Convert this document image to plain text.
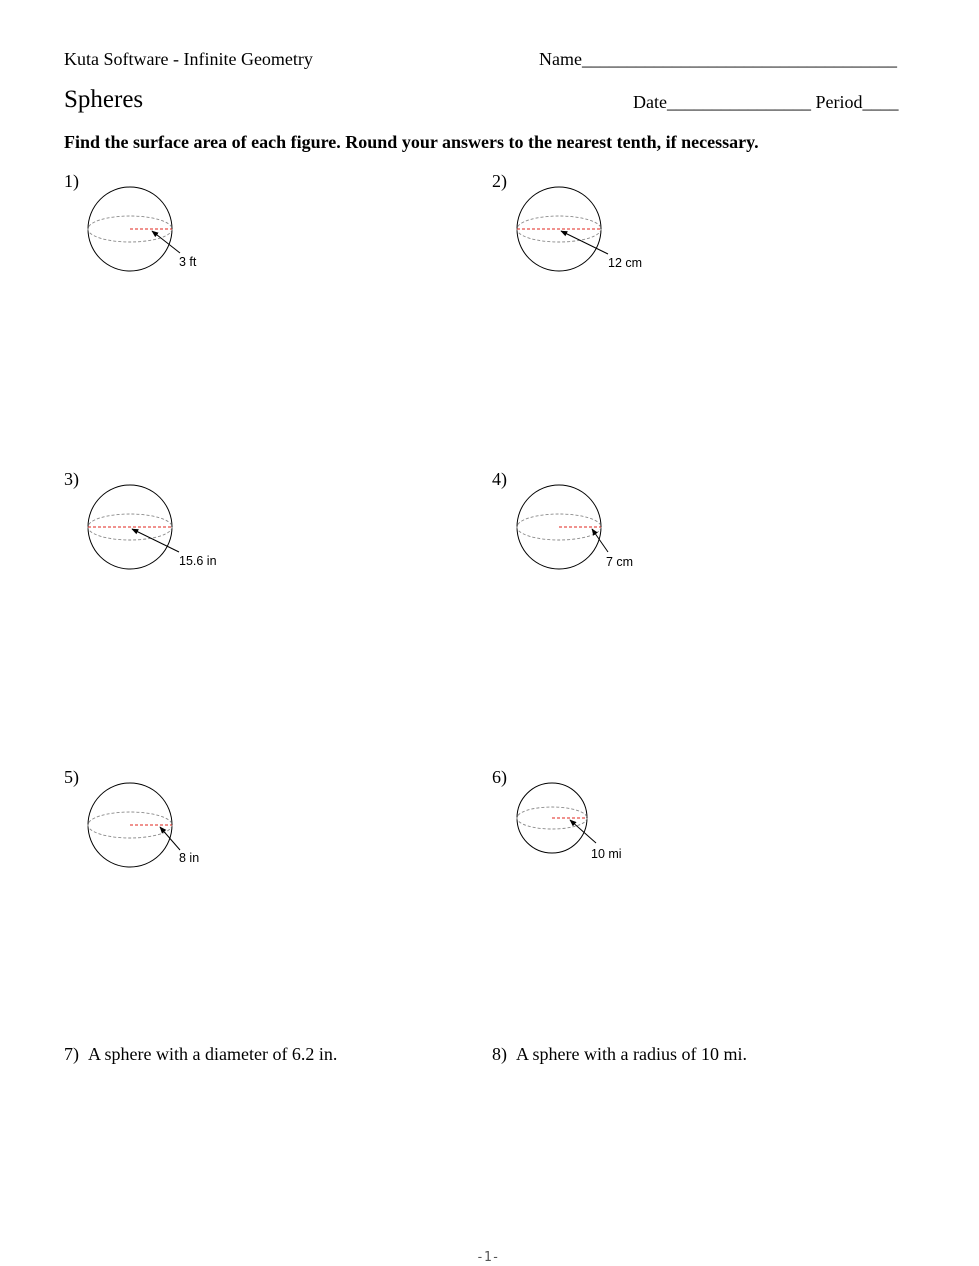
Kuta Software - Infinite Geometry	Name___________________________________
Spheres	Date________________ Period____
Find the surface area of each figure. Round your answers to the nearest tenth, if necessary.
1)	2)
3)	4)
5)	6)
3 ft	12 cm
15.6 in	7 cm
8 in	10 mi
7) A sphere with a diameter of 6.2 in.	8) A sphere with a radius of 10 mi.
-1-
